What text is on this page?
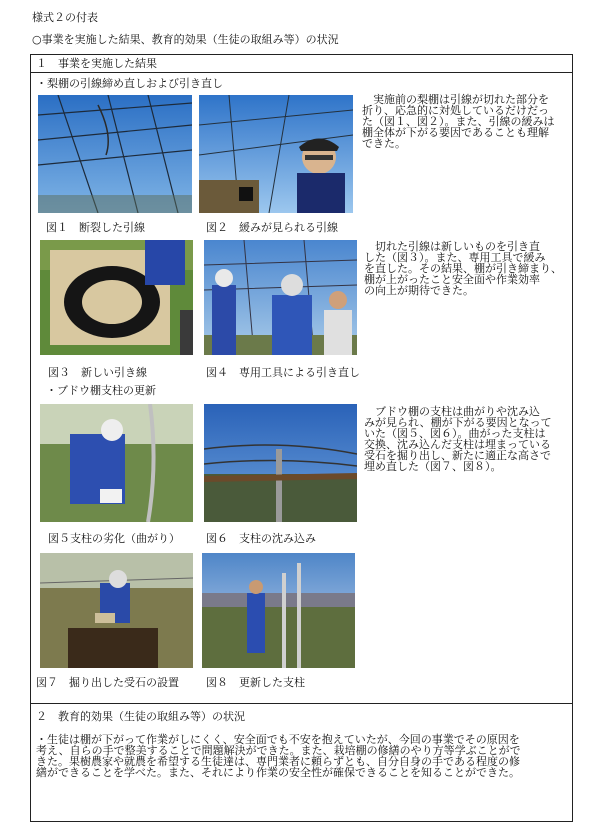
様式２の付表
○事業を実施した結果、教育的効果（生徒の取組み等）の状況
１　事業を実施した結果
・梨棚の引線締め直しおよび引き直し
図１　断裂した引線	図２　緩みが見られる引線
図３　新しい引き線	図４　専用工具による引き直し
・ブドウ棚支柱の更新
図５支柱の劣化（曲がり） 図６　支柱の沈み込み
図７　掘り出した受石の設置 図８　更新した支柱
　実施前の梨棚は引線が切れた部分を
折り、応急的に対処しているだけだっ
た（図１、図２）。また、引線の緩みは
棚全体が下がる要因であることも理解
できた。
　切れた引線は新しいものを引き直
した（図３）。また、専用工具で緩み
を直した。その結果、棚が引き締まり、
棚が上がったこと安全面や作業効率
の向上が期待できた。
　ブドウ棚の支柱は曲がりや沈み込
みが見られ、棚が下がる要因となって
いた（図５、図６）。曲がった支柱は
交換、沈み込んだ支柱は埋まっている
受石を掘り出し、新たに適正な高さで
埋め直した（図７、図８）。
２　教育的効果（生徒の取組み等）の状況
・生徒は棚が下がって作業がしにくく、安全面でも不安を抱えていたが、今回の事業でその原因を
考え、自らの手で整美することで問題解決ができた。また、栽培棚の修繕のやり方等学ぶことがで
きた。果樹農家や就農を希望する生徒達は、専門業者に頼らずとも、自分自身の手である程度の修
繕ができることを学べた。また、それにより作業の安全性が確保できることを知ることができた。
